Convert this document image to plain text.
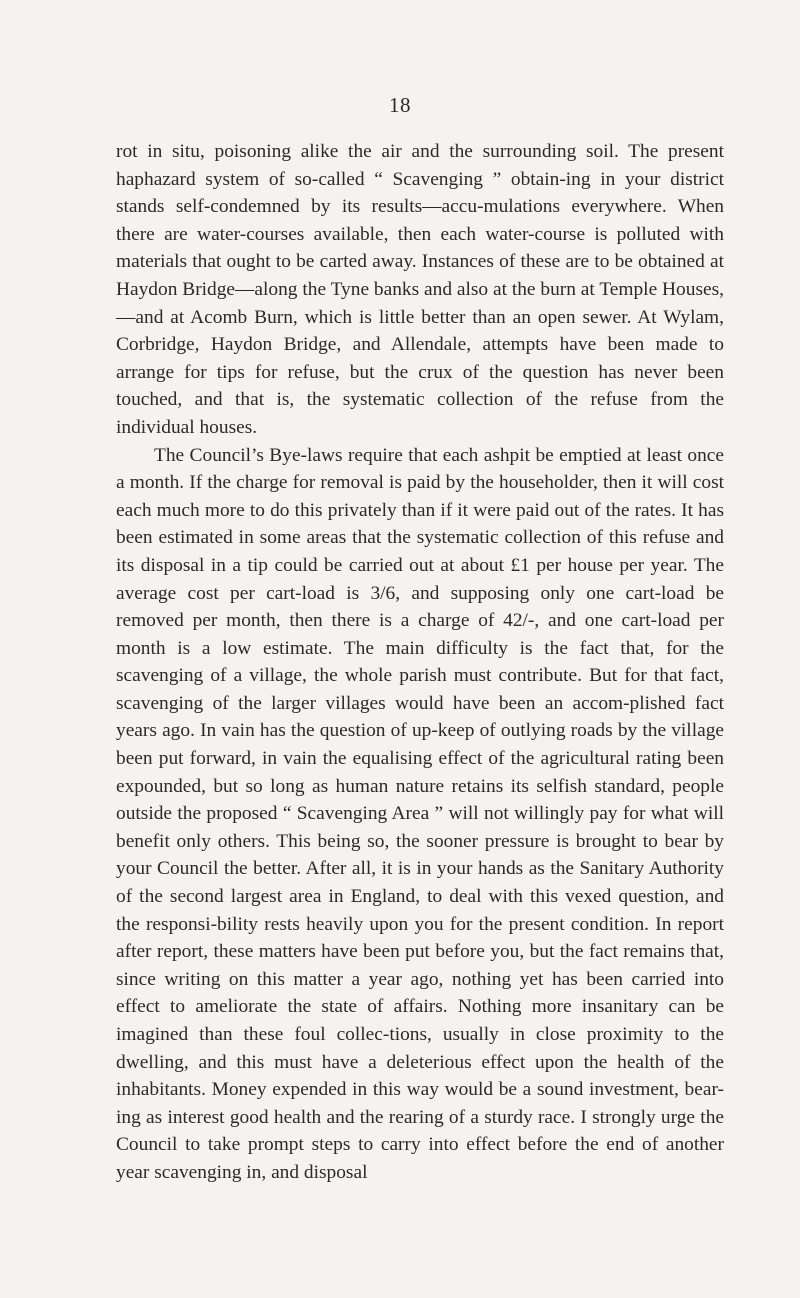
18

rot in situ, poisoning alike the air and the surrounding soil. The present haphazard system of so-called “ Scavenging ” obtain-ing in your district stands self-condemned by its results—accu-mulations everywhere. When there are water-courses available, then each water-course is polluted with materials that ought to be carted away. Instances of these are to be obtained at Haydon Bridge—along the Tyne banks and also at the burn at Temple Houses,—and at Acomb Burn, which is little better than an open sewer. At Wylam, Corbridge, Haydon Bridge, and Allendale, attempts have been made to arrange for tips for refuse, but the crux of the question has never been touched, and that is, the systematic collection of the refuse from the individual houses.

The Council’s Bye-laws require that each ashpit be emptied at least once a month. If the charge for removal is paid by the householder, then it will cost each much more to do this privately than if it were paid out of the rates. It has been estimated in some areas that the systematic collection of this refuse and its disposal in a tip could be carried out at about £1 per house per year. The average cost per cart-load is 3/6, and supposing only one cart-load be removed per month, then there is a charge of 42/-, and one cart-load per month is a low estimate. The main difficulty is the fact that, for the scavenging of a village, the whole parish must contribute. But for that fact, scavenging of the larger villages would have been an accom-plished fact years ago. In vain has the question of up-keep of outlying roads by the village been put forward, in vain the equalising effect of the agricultural rating been expounded, but so long as human nature retains its selfish standard, people outside the proposed “ Scavenging Area ” will not willingly pay for what will benefit only others. This being so, the sooner pressure is brought to bear by your Council the better. After all, it is in your hands as the Sanitary Authority of the second largest area in England, to deal with this vexed question, and the responsi-bility rests heavily upon you for the present condition. In report after report, these matters have been put before you, but the fact remains that, since writing on this matter a year ago, nothing yet has been carried into effect to ameliorate the state of affairs. Nothing more insanitary can be imagined than these foul collec-tions, usually in close proximity to the dwelling, and this must have a deleterious effect upon the health of the inhabitants. Money expended in this way would be a sound investment, bear-ing as interest good health and the rearing of a sturdy race. I strongly urge the Council to take prompt steps to carry into effect before the end of another year scavenging in, and disposal
